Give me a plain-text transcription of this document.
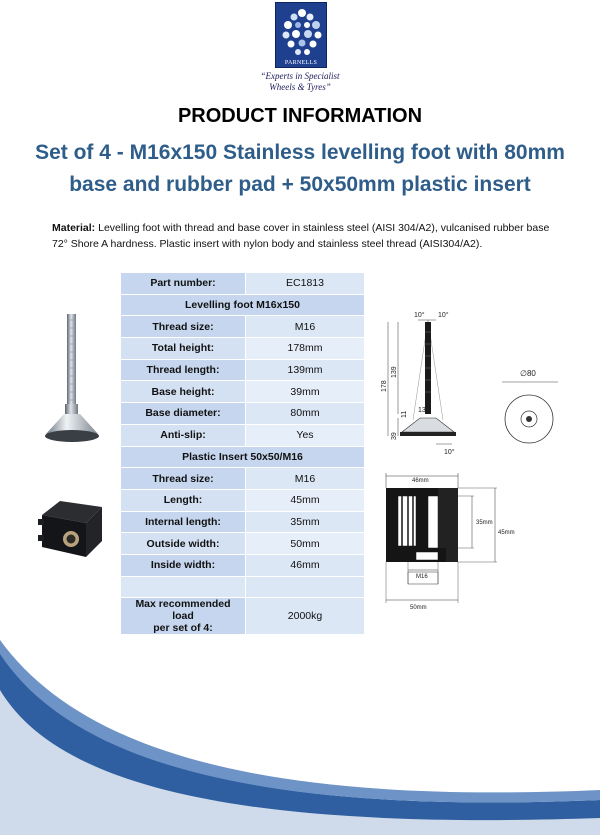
PARNELLS
“Experts in Specialist
Wheels & Tyres”
PRODUCT INFORMATION
Set of 4 - M16x150 Stainless levelling foot with 80mm base and rubber pad + 50x50mm plastic insert
Material: Levelling foot with thread and base cover in stainless steel (AISI 304/A2), vulcanised rubber base 72° Shore A hardness. Plastic insert with nylon body and stainless steel thread (AISI304/A2).
Part number:	EC1813
Levelling foot M16x150	
Thread size:	M16
Total height:	178mm
Thread length:	139mm
Base height:	39mm
Base diameter:	80mm
Anti-slip:	Yes
Plastic Insert 50x50/M16	
Thread size:	M16
Length:	45mm
Internal length:	35mm
Outside width:	50mm
Inside width:	46mm

Max recommended load
per set of 4:	2000kg
10° 10°
178
139
11
13
39
10°
∅80
46mm
35mm
45mm
M16
50mm
